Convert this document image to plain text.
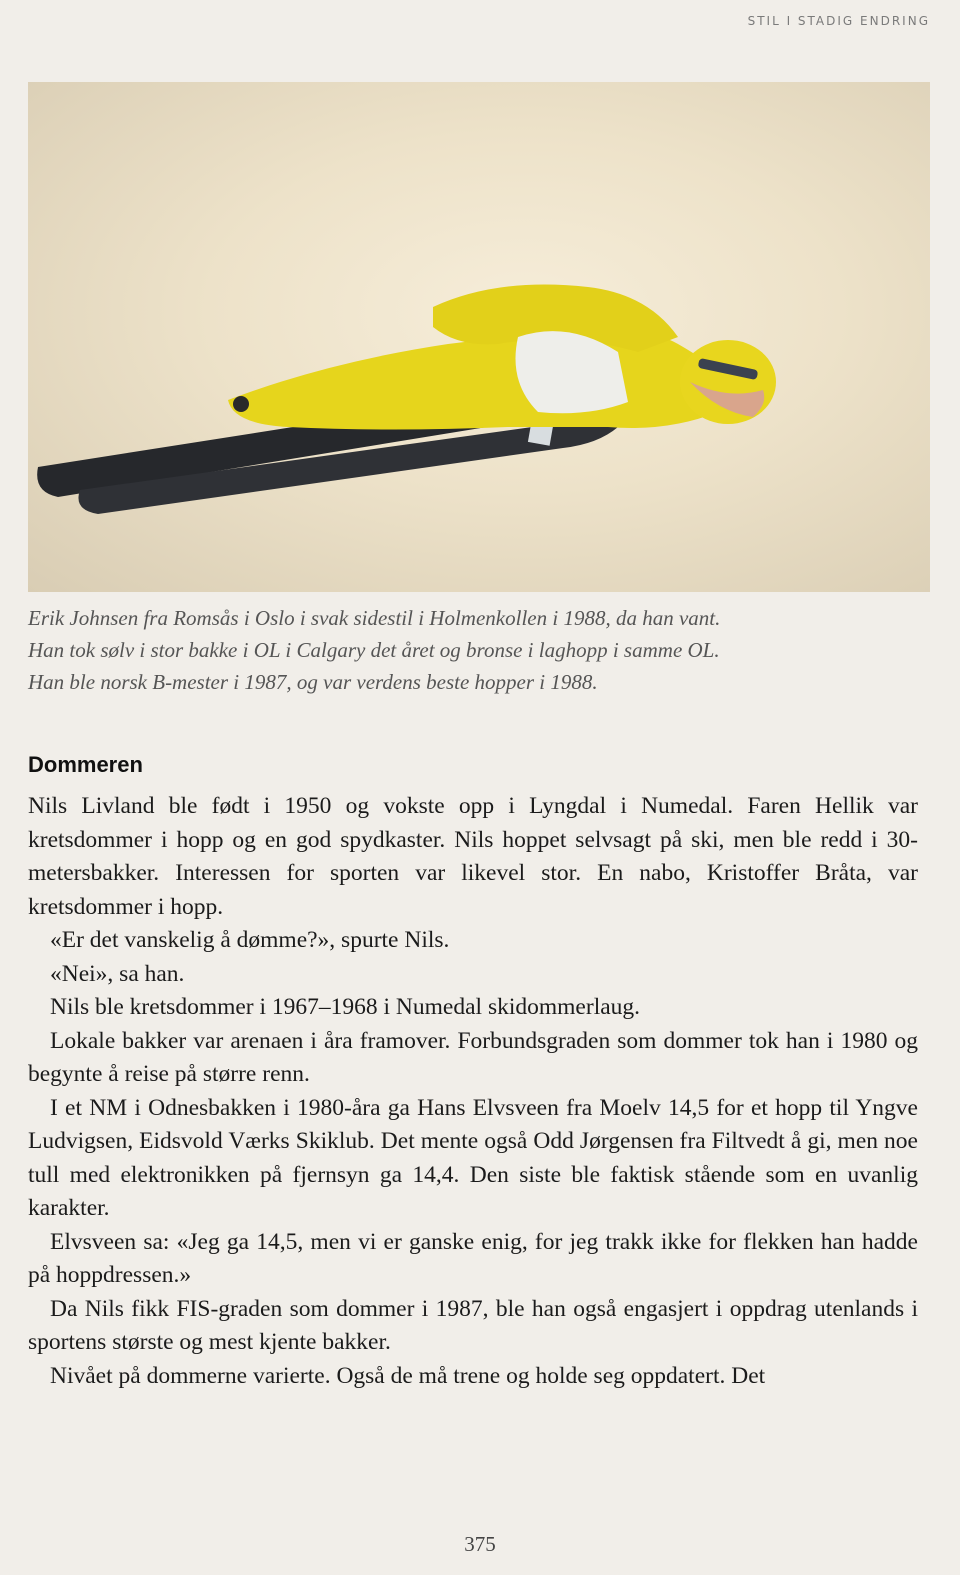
STIL I STADIG ENDRING

Erik Johnsen fra Romsås i Oslo i svak sidestil i Holmenkollen i 1988, da han vant.

Han tok sølv i stor bakke i OL i Calgary det året og bronse i laghopp i samme OL.

Han ble norsk B-mester i 1987, og var verdens beste hopper i 1988.

Dommeren

Nils Livland ble født i 1950 og vokste opp i Lyngdal i Numedal. Faren Hellik var kretsdommer i hopp og en god spydkaster. Nils hoppet selvsagt på ski, men ble redd i 30-metersbakker. Interessen for sporten var likevel stor. En nabo, Kristoffer Bråta, var kretsdommer i hopp.

«Er det vanskelig å dømme?», spurte Nils.

«Nei», sa han.

Nils ble kretsdommer i 1967–1968 i Numedal skidommerlaug.

Lokale bakker var arenaen i åra framover. Forbundsgraden som dommer tok han i 1980 og begynte å reise på større renn.

I et NM i Odnesbakken i 1980-åra ga Hans Elvsveen fra Moelv 14,5 for et hopp til Yngve Ludvigsen, Eidsvold Værks Skiklub. Det mente også Odd Jørgensen fra Filtvedt å gi, men noe tull med elektronikken på fjernsyn ga 14,4. Den siste ble faktisk stående som en uvanlig karakter.

Elvsveen sa: «Jeg ga 14,5, men vi er ganske enig, for jeg trakk ikke for flekken han hadde på hoppdressen.»

Da Nils fikk FIS-graden som dommer i 1987, ble han også engasjert i oppdrag utenlands i sportens største og mest kjente bakker.

Nivået på dommerne varierte. Også de må trene og holde seg oppdatert. Det

375
